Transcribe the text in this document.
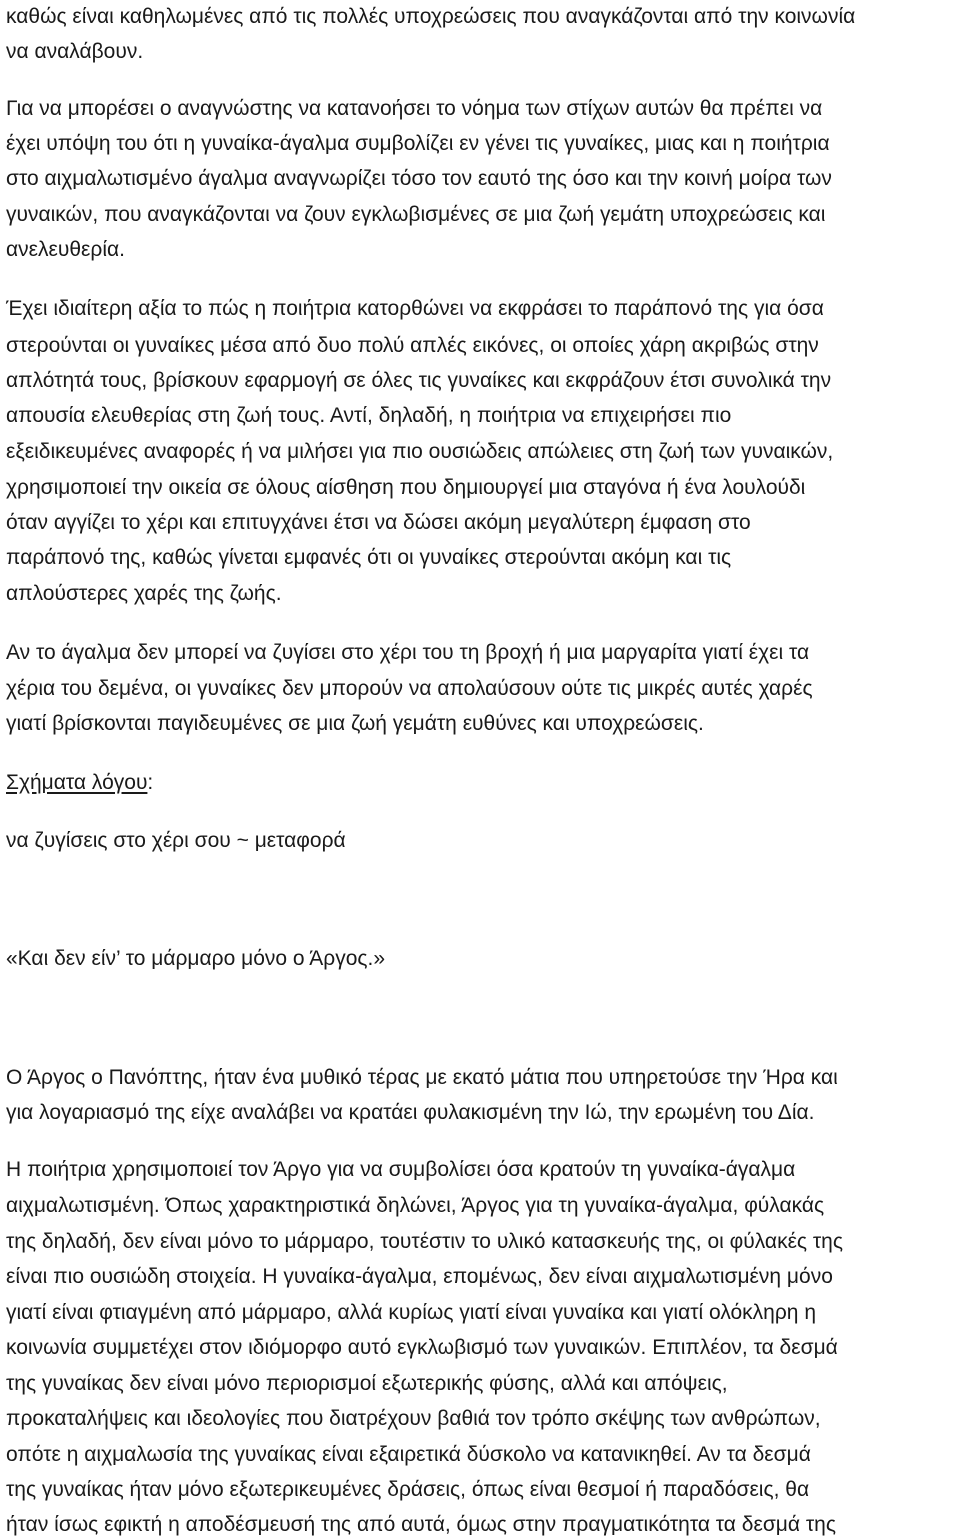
καθώς είναι καθηλωμένες από τις πολλές υποχρεώσεις που αναγκάζονται από την κοινωνία
να αναλάβουν.
Για να μπορέσει ο αναγνώστης να κατανοήσει το νόημα των στίχων αυτών θα πρέπει να
έχει υπόψη του ότι η γυναίκα-άγαλμα συμβολίζει εν γένει τις γυναίκες, μιας και η ποιήτρια
στο αιχμαλωτισμένο άγαλμα αναγνωρίζει τόσο τον εαυτό της όσο και την κοινή μοίρα των
γυναικών, που αναγκάζονται να ζουν εγκλωβισμένες σε μια ζωή γεμάτη υποχρεώσεις και
ανελευθερία.
Έχει ιδιαίτερη αξία το πώς η ποιήτρια κατορθώνει να εκφράσει το παράπονό της για όσα
στερούνται οι γυναίκες μέσα από δυο πολύ απλές εικόνες, οι οποίες χάρη ακριβώς στην
απλότητά τους, βρίσκουν εφαρμογή σε όλες τις γυναίκες και εκφράζουν έτσι συνολικά την
απουσία ελευθερίας στη ζωή τους. Αντί, δηλαδή, η ποιήτρια να επιχειρήσει πιο
εξειδικευμένες αναφορές ή να μιλήσει για πιο ουσιώδεις απώλειες στη ζωή των γυναικών,
χρησιμοποιεί την οικεία σε όλους αίσθηση που δημιουργεί μια σταγόνα ή ένα λουλούδι
όταν αγγίζει το χέρι και επιτυγχάνει έτσι να δώσει ακόμη μεγαλύτερη έμφαση στο
παράπονό της, καθώς γίνεται εμφανές ότι οι γυναίκες στερούνται ακόμη και τις
απλούστερες χαρές της ζωής.
Αν το άγαλμα δεν μπορεί να ζυγίσει στο χέρι του τη βροχή ή μια μαργαρίτα γιατί έχει τα
χέρια του δεμένα, οι γυναίκες δεν μπορούν να απολαύσουν ούτε τις μικρές αυτές χαρές
γιατί βρίσκονται παγιδευμένες σε μια ζωή γεμάτη ευθύνες και υποχρεώσεις.
Σχήματα λόγου:
να ζυγίσεις στο χέρι σου ~ μεταφορά
«Και δεν είν’ το μάρμαρο μόνο ο Άργος.»
Ο Άργος ο Πανόπτης, ήταν ένα μυθικό τέρας με εκατό μάτια που υπηρετούσε την Ήρα και
για λογαριασμό της είχε αναλάβει να κρατάει φυλακισμένη την Ιώ, την ερωμένη του Δία.
Η ποιήτρια χρησιμοποιεί τον Άργο για να συμβολίσει όσα κρατούν τη γυναίκα-άγαλμα
αιχμαλωτισμένη. Όπως χαρακτηριστικά δηλώνει, Άργος για τη γυναίκα-άγαλμα, φύλακάς
της δηλαδή, δεν είναι μόνο το μάρμαρο, τουτέστιν το υλικό κατασκευής της, οι φύλακές της
είναι πιο ουσιώδη στοιχεία. Η γυναίκα-άγαλμα, επομένως, δεν είναι αιχμαλωτισμένη μόνο
γιατί είναι φτιαγμένη από μάρμαρο, αλλά κυρίως γιατί είναι γυναίκα και γιατί ολόκληρη η
κοινωνία συμμετέχει στον ιδιόμορφο αυτό εγκλωβισμό των γυναικών. Επιπλέον, τα δεσμά
της γυναίκας δεν είναι μόνο περιορισμοί εξωτερικής φύσης, αλλά και απόψεις,
προκαταλήψεις και ιδεολογίες που διατρέχουν βαθιά τον τρόπο σκέψης των ανθρώπων,
οπότε η αιχμαλωσία της γυναίκας είναι εξαιρετικά δύσκολο να κατανικηθεί. Αν τα δεσμά
της γυναίκας ήταν μόνο εξωτερικευμένες δράσεις, όπως είναι θεσμοί ή παραδόσεις, θα
ήταν ίσως εφικτή η αποδέσμευσή της από αυτά, όμως στην πραγματικότητα τα δεσμά της
